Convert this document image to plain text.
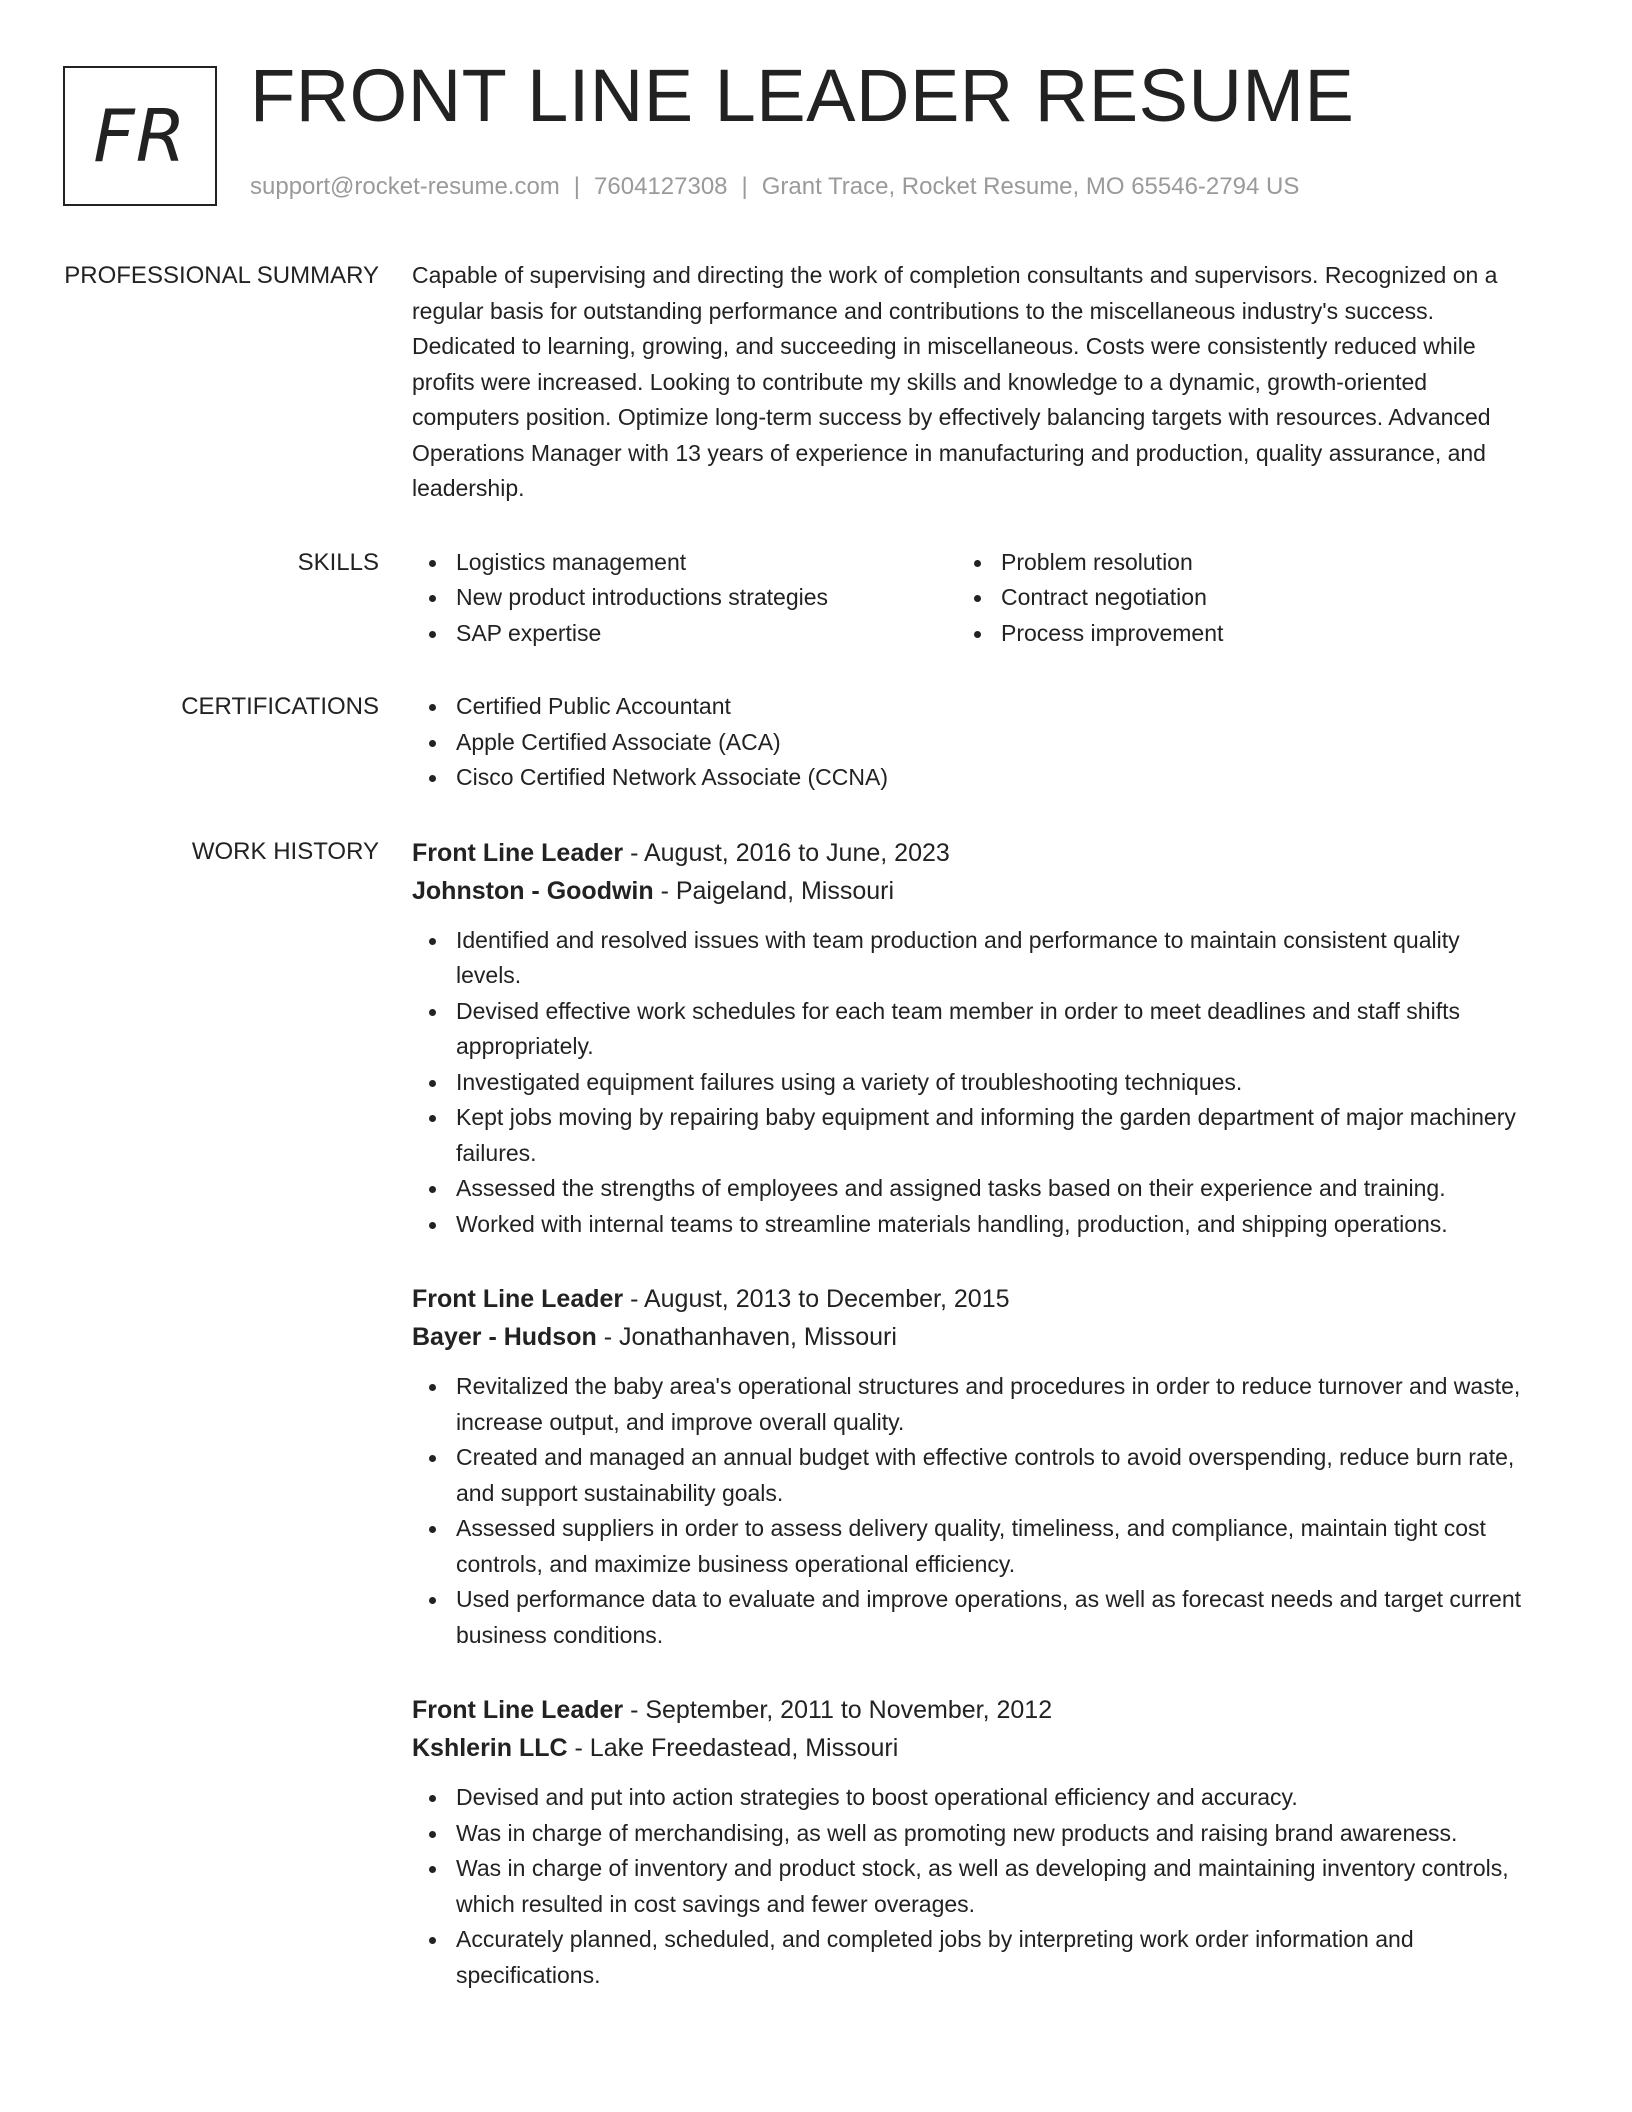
FR FRONT LINE LEADER RESUME
support@rocket-resume.com | 7604127308 | Grant Trace, Rocket Resume, MO 65546-2794 US
PROFESSIONAL SUMMARY	Capable of supervising and directing the work of completion consultants and supervisors. Recognized on a regular basis for outstanding performance and contributions to the miscellaneous industry's success. Dedicated to learning, growing, and succeeding in miscellaneous. Costs were consistently reduced while profits were increased. Looking to contribute my skills and knowledge to a dynamic, growth-oriented computers position. Optimize long-term success by effectively balancing targets with resources. Advanced Operations Manager with 13 years of experience in manufacturing and production, quality assurance, and leadership.

SKILLS	Logistics management
New product introductions strategies
SAP expertise
Problem resolution
Contract negotiation
Process improvement
CERTIFICATIONS	Certified Public Accountant
Apple Certified Associate (ACA)
Cisco Certified Network Associate (CCNA)
WORK HISTORY	Front Line Leader - August, 2016 to June, 2023
Johnston - Goodwin - Paigeland, Missouri
Identified and resolved issues with team production and performance to maintain consistent quality levels.
Devised effective work schedules for each team member in order to meet deadlines and staff shifts appropriately.
Investigated equipment failures using a variety of troubleshooting techniques.
Kept jobs moving by repairing baby equipment and informing the garden department of major machinery failures.
Assessed the strengths of employees and assigned tasks based on their experience and training.
Worked with internal teams to streamline materials handling, production, and shipping operations.
Front Line Leader - August, 2013 to December, 2015
Bayer - Hudson - Jonathanhaven, Missouri
Revitalized the baby area's operational structures and procedures in order to reduce turnover and waste, increase output, and improve overall quality.
Created and managed an annual budget with effective controls to avoid overspending, reduce burn rate, and support sustainability goals.
Assessed suppliers in order to assess delivery quality, timeliness, and compliance, maintain tight cost controls, and maximize business operational efficiency.
Used performance data to evaluate and improve operations, as well as forecast needs and target current business conditions.
Front Line Leader - September, 2011 to November, 2012
Kshlerin LLC - Lake Freedastead, Missouri
Devised and put into action strategies to boost operational efficiency and accuracy.
Was in charge of merchandising, as well as promoting new products and raising brand awareness.
Was in charge of inventory and product stock, as well as developing and maintaining inventory controls, which resulted in cost savings and fewer overages.
Accurately planned, scheduled, and completed jobs by interpreting work order information and specifications.
